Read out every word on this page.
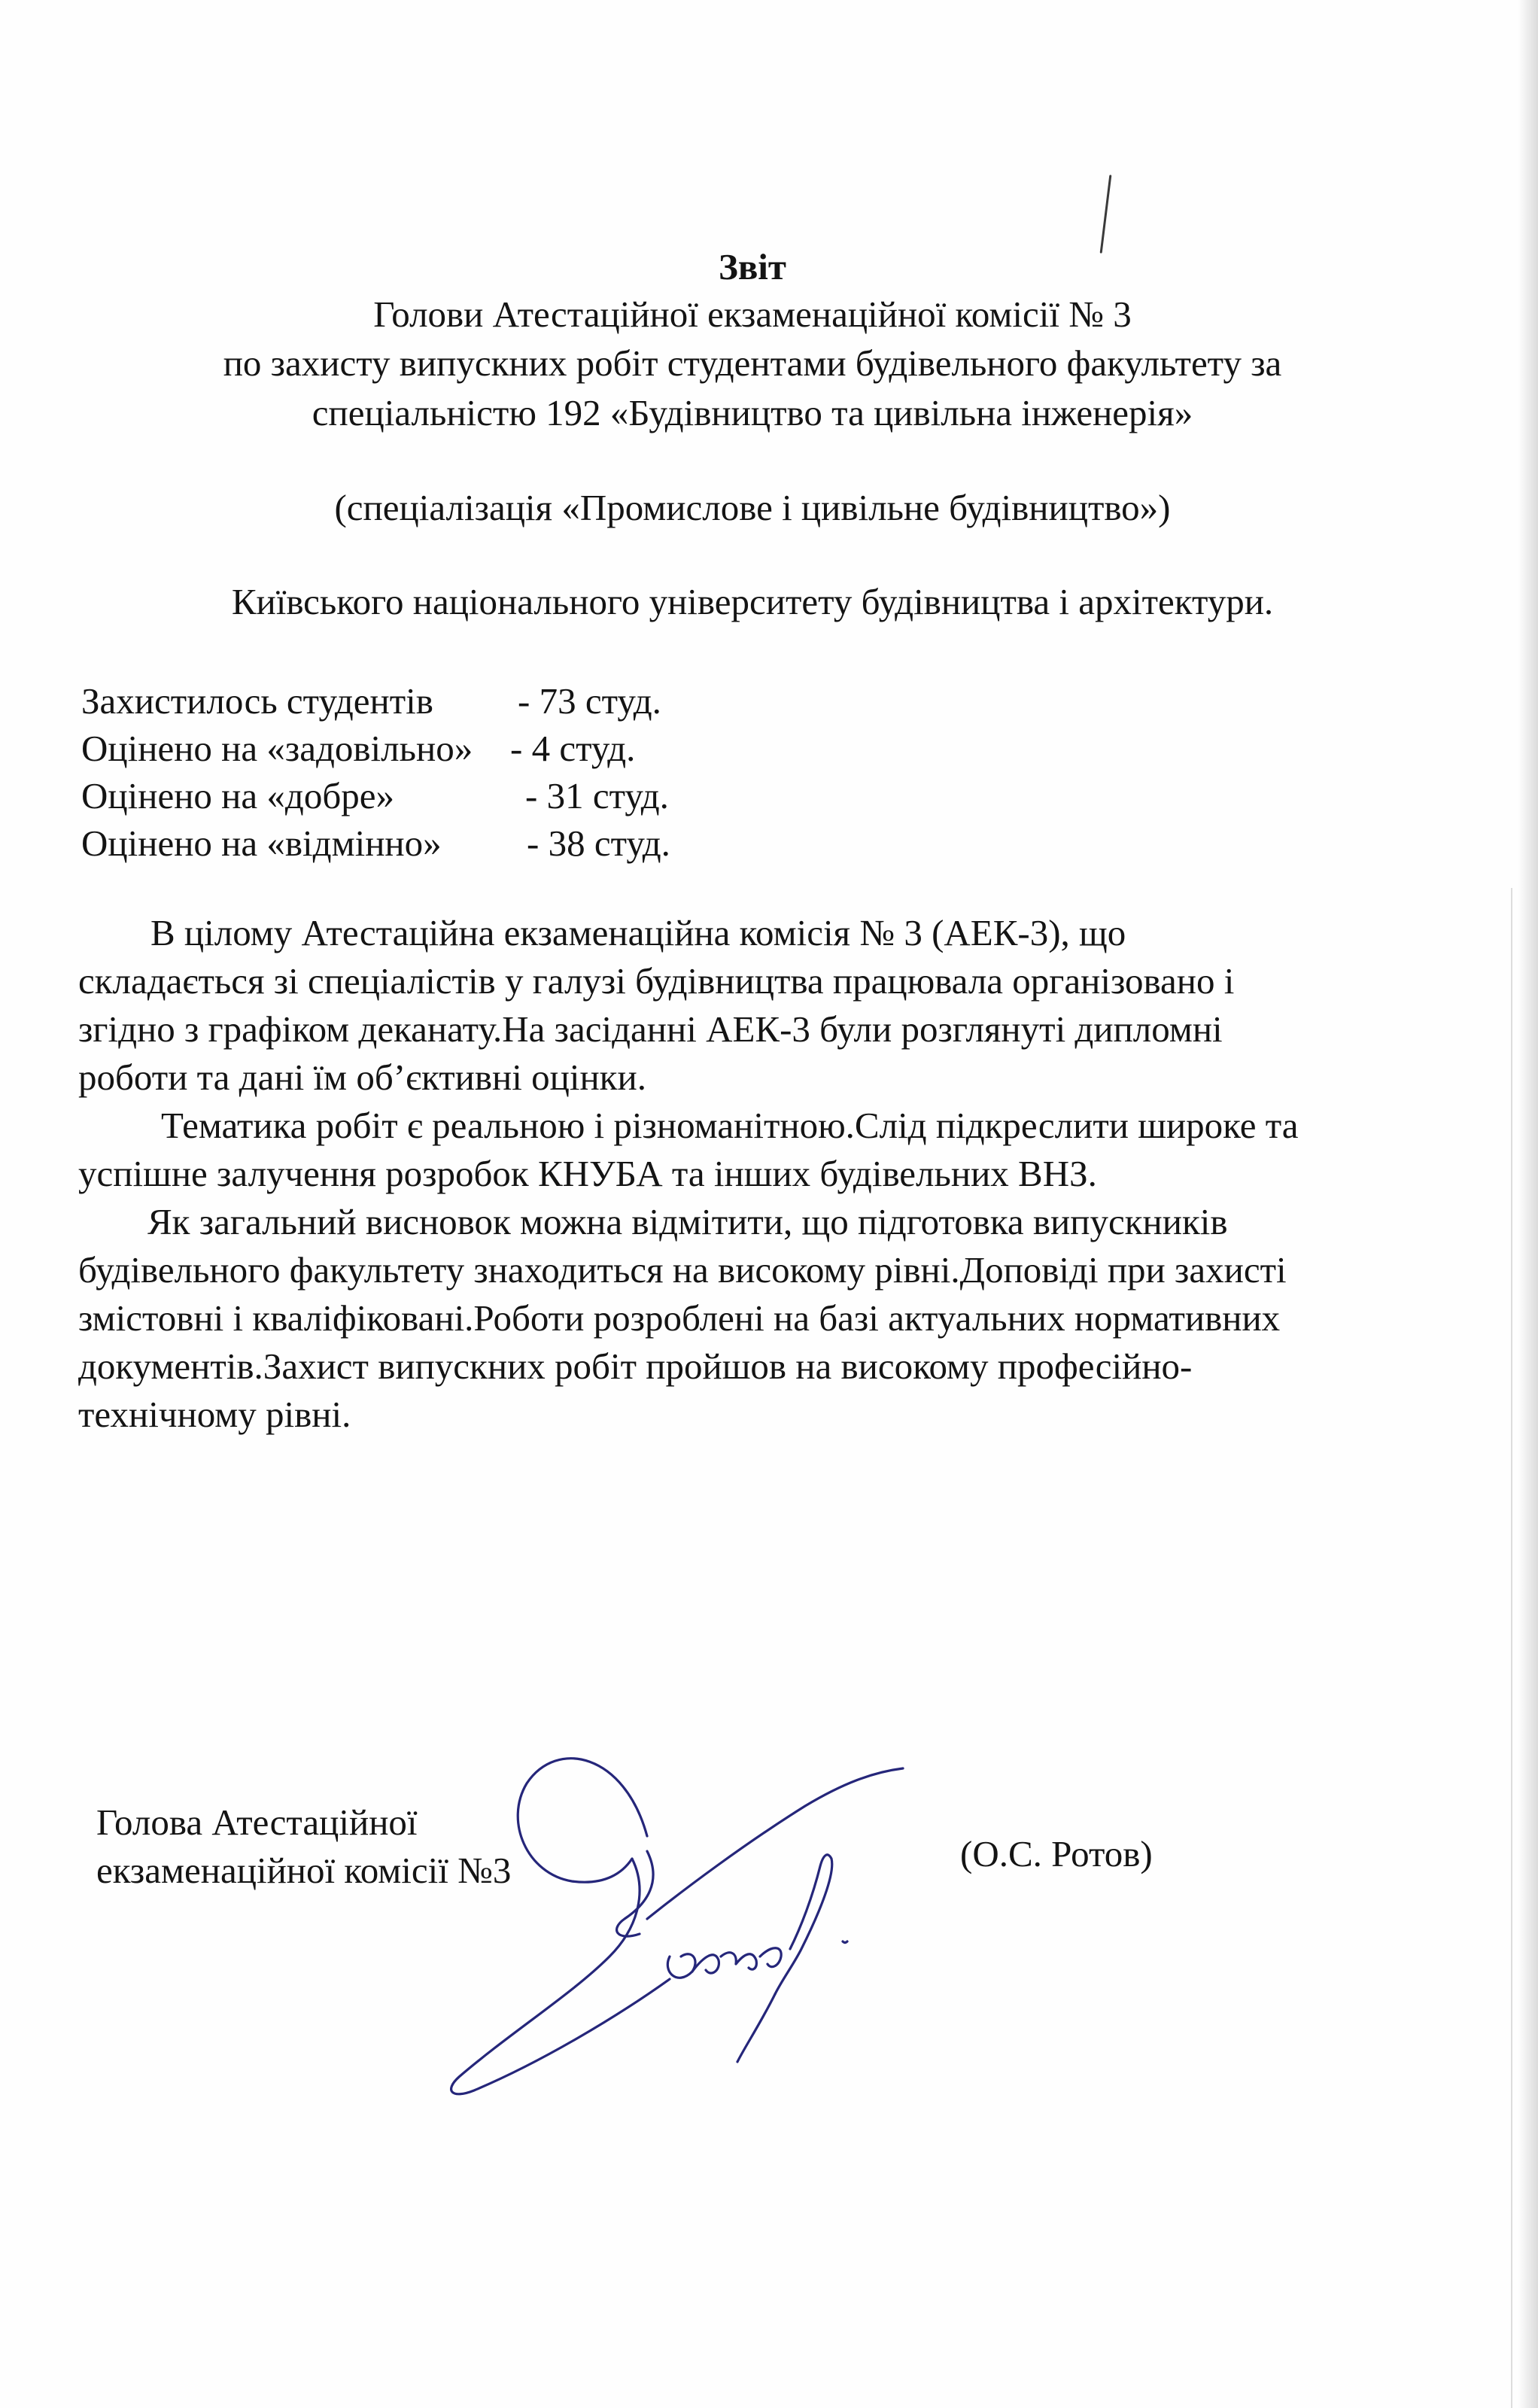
Звіт
Голови Атестаційної екзаменаційної комісії № 3
по захисту випускних робіт студентами будівельного факультету за
спеціальністю 192 «Будівництво та цивільна інженерія»
(спеціалізація «Промислове і цивільне будівництво»)
Київського національного університету будівництва і архітектури.
Захистилось студентів - 73 студ.
Оцінено на «задовільно» - 4 студ.
Оцінено на «добре»	- 31 студ.
Оцінено на «відмінно» - 38 студ.
В цілому Атестаційна екзаменаційна комісія № 3 (АЕК-3), що
складається зі спеціалістів у галузі будівництва працювала організовано і
згідно з графіком деканату.На засіданні АЕК-3 були розглянуті дипломні
роботи та дані їм об’єктивні оцінки.
Тематика робіт є реальною і різноманітною.Слід підкреслити широке та
успішне залучення розробок КНУБА та інших будівельних ВНЗ.
Як загальний висновок можна відмітити, що підготовка випускників
будівельного факультету знаходиться на високому рівні.Доповіді при захисті
змістовні і кваліфіковані.Роботи розроблені на базі актуальних нормативних
документів.Захист випускних робіт пройшов на високому професійно-
технічному рівні.
Голова Атестаційної
екзаменаційної комісії №3	(О.С. Ротов)
